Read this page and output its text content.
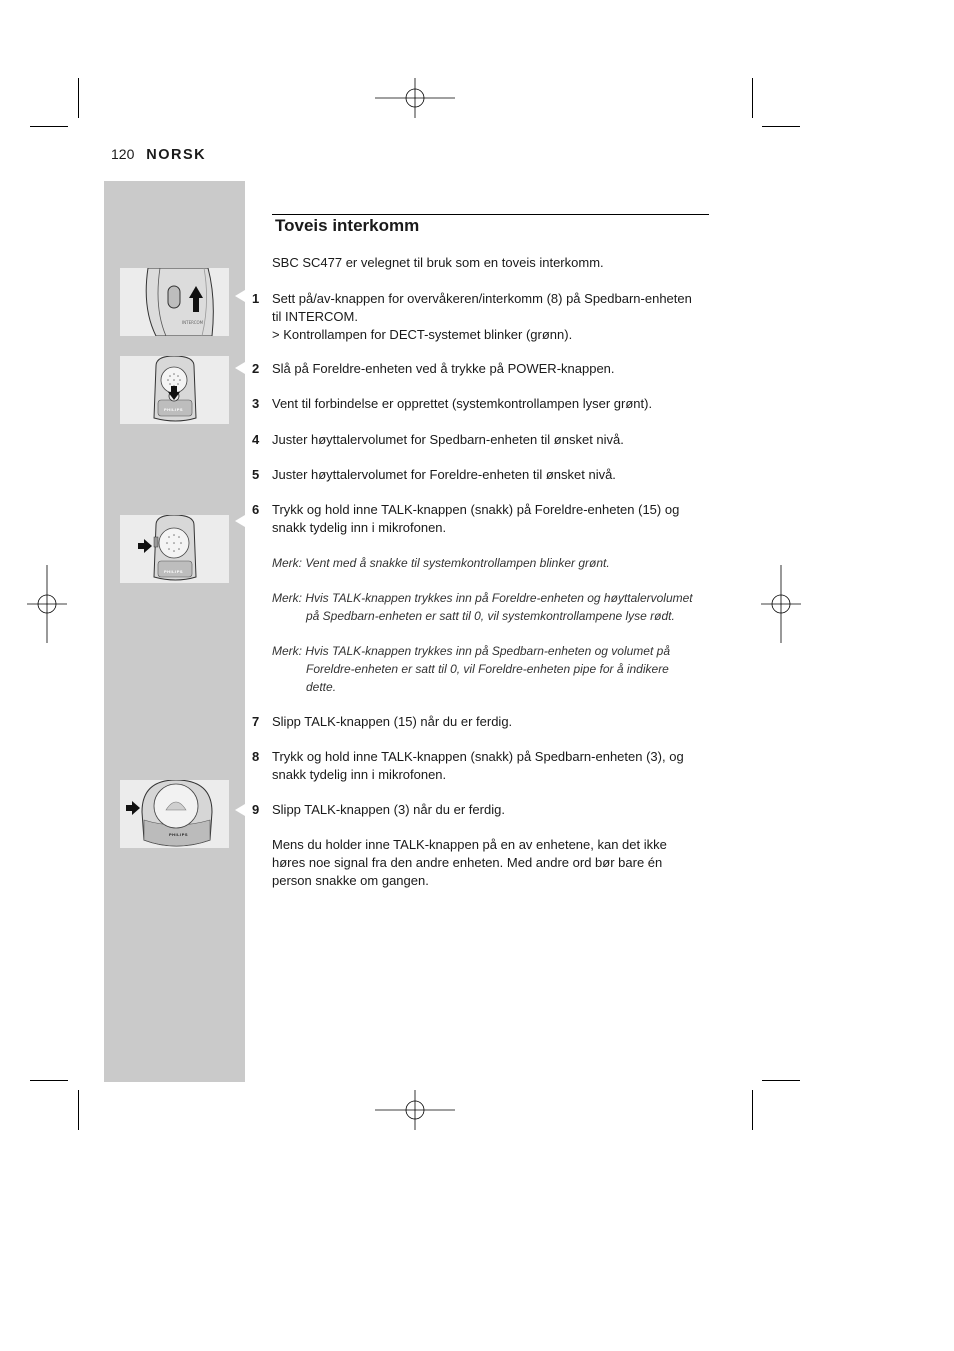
120 NORSK
INTERCOM
PHILIPS
PHILIPS
PHILIPS
Toveis interkomm

SBC SC477 er velegnet til bruk som en toveis interkomm.

1 Sett på/av-knappen for overvåkeren/interkomm (8) på Spedbarn-enheten
til INTERCOM.
> Kontrollampen for DECT-systemet blinker (grønn).

2 Slå på Foreldre-enheten ved å trykke på POWER-knappen.

3 Vent til forbindelse er opprettet (systemkontrollampen lyser grønt).

4 Juster høyttalervolumet for Spedbarn-enheten til ønsket nivå.

5 Juster høyttalervolumet for Foreldre-enheten til ønsket nivå.

6 Trykk og hold inne TALK-knappen (snakk) på Foreldre-enheten (15) og
snakk tydelig inn i mikrofonen.

Merk: Vent med å snakke til systemkontrollampen blinker grønt.

Merk: Hvis TALK-knappen trykkes inn på Foreldre-enheten og høyttalervolumet
på Spedbarn-enheten er satt til 0, vil systemkontrollampene lyse rødt.

Merk: Hvis TALK-knappen trykkes inn på Spedbarn-enheten og volumet på
Foreldre-enheten er satt til 0, vil Foreldre-enheten pipe for å indikere
dette.

7 Slipp TALK-knappen (15) når du er ferdig.

8 Trykk og hold inne TALK-knappen (snakk) på Spedbarn-enheten (3), og
snakk tydelig inn i mikrofonen.

9 Slipp TALK-knappen (3) når du er ferdig.

Mens du holder inne TALK-knappen på en av enhetene, kan det ikke
høres noe signal fra den andre enheten. Med andre ord bør bare én
person snakke om gangen.
